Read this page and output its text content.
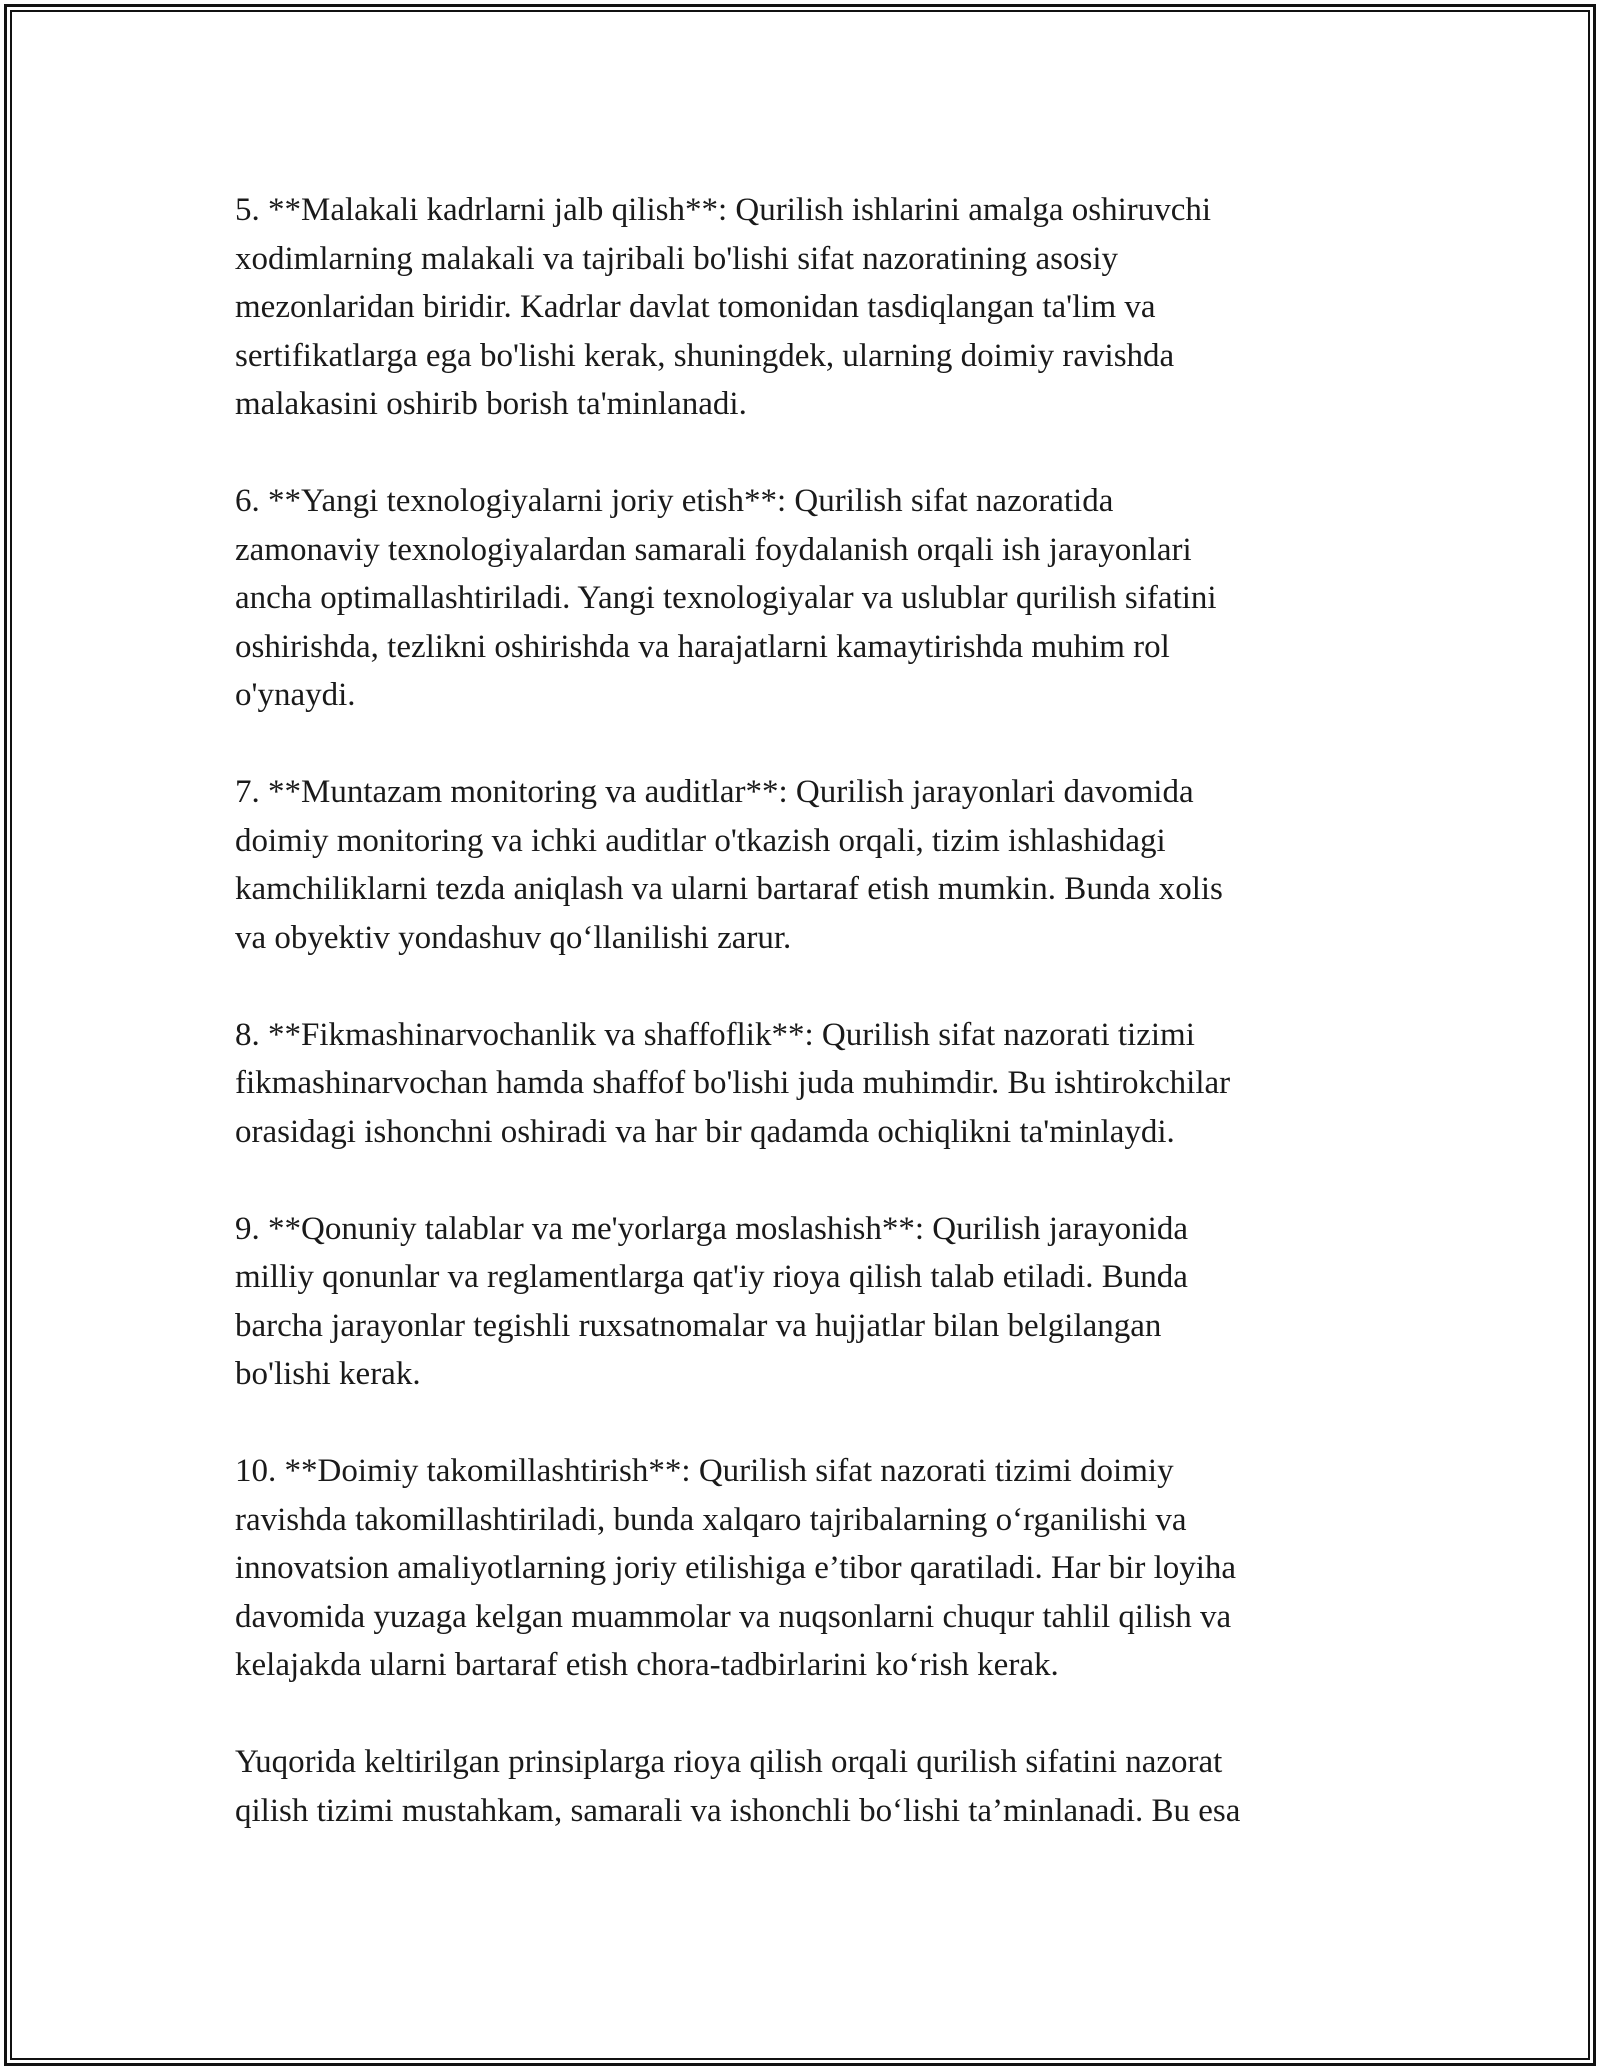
5. **Malakali kadrlarni jalb qilish**: Qurilish ishlarini amalga oshiruvchi
xodimlarning malakali va tajribali bo'lishi sifat nazoratining asosiy
mezonlaridan biridir. Kadrlar davlat tomonidan tasdiqlangan ta'lim va
sertifikatlarga ega bo'lishi kerak, shuningdek, ularning doimiy ravishda
malakasini oshirib borish ta'minlanadi.

6. **Yangi texnologiyalarni joriy etish**: Qurilish sifat nazoratida
zamonaviy texnologiyalardan samarali foydalanish orqali ish jarayonlari
ancha optimallashtiriladi. Yangi texnologiyalar va uslublar qurilish sifatini
oshirishda, tezlikni oshirishda va harajatlarni kamaytirishda muhim rol
o'ynaydi.

7. **Muntazam monitoring va auditlar**: Qurilish jarayonlari davomida
doimiy monitoring va ichki auditlar o'tkazish orqali, tizim ishlashidagi
kamchiliklarni tezda aniqlash va ularni bartaraf etish mumkin. Bunda xolis
va obyektiv yondashuv qo‘llanilishi zarur.

8. **Fikmashinarvochanlik va shaffoflik**: Qurilish sifat nazorati tizimi
fikmashinarvochan hamda shaffof bo'lishi juda muhimdir. Bu ishtirokchilar
orasidagi ishonchni oshiradi va har bir qadamda ochiqlikni ta'minlaydi.

9. **Qonuniy talablar va me'yorlarga moslashish**: Qurilish jarayonida
milliy qonunlar va reglamentlarga qat'iy rioya qilish talab etiladi. Bunda
barcha jarayonlar tegishli ruxsatnomalar va hujjatlar bilan belgilangan
bo'lishi kerak.

10. **Doimiy takomillashtirish**: Qurilish sifat nazorati tizimi doimiy
ravishda takomillashtiriladi, bunda xalqaro tajribalarning o‘rganilishi va
innovatsion amaliyotlarning joriy etilishiga e’tibor qaratiladi. Har bir loyiha
davomida yuzaga kelgan muammolar va nuqsonlarni chuqur tahlil qilish va
kelajakda ularni bartaraf etish chora-tadbirlarini ko‘rish kerak.

Yuqorida keltirilgan prinsiplarga rioya qilish orqali qurilish sifatini nazorat
qilish tizimi mustahkam, samarali va ishonchli bo‘lishi ta’minlanadi. Bu esa
